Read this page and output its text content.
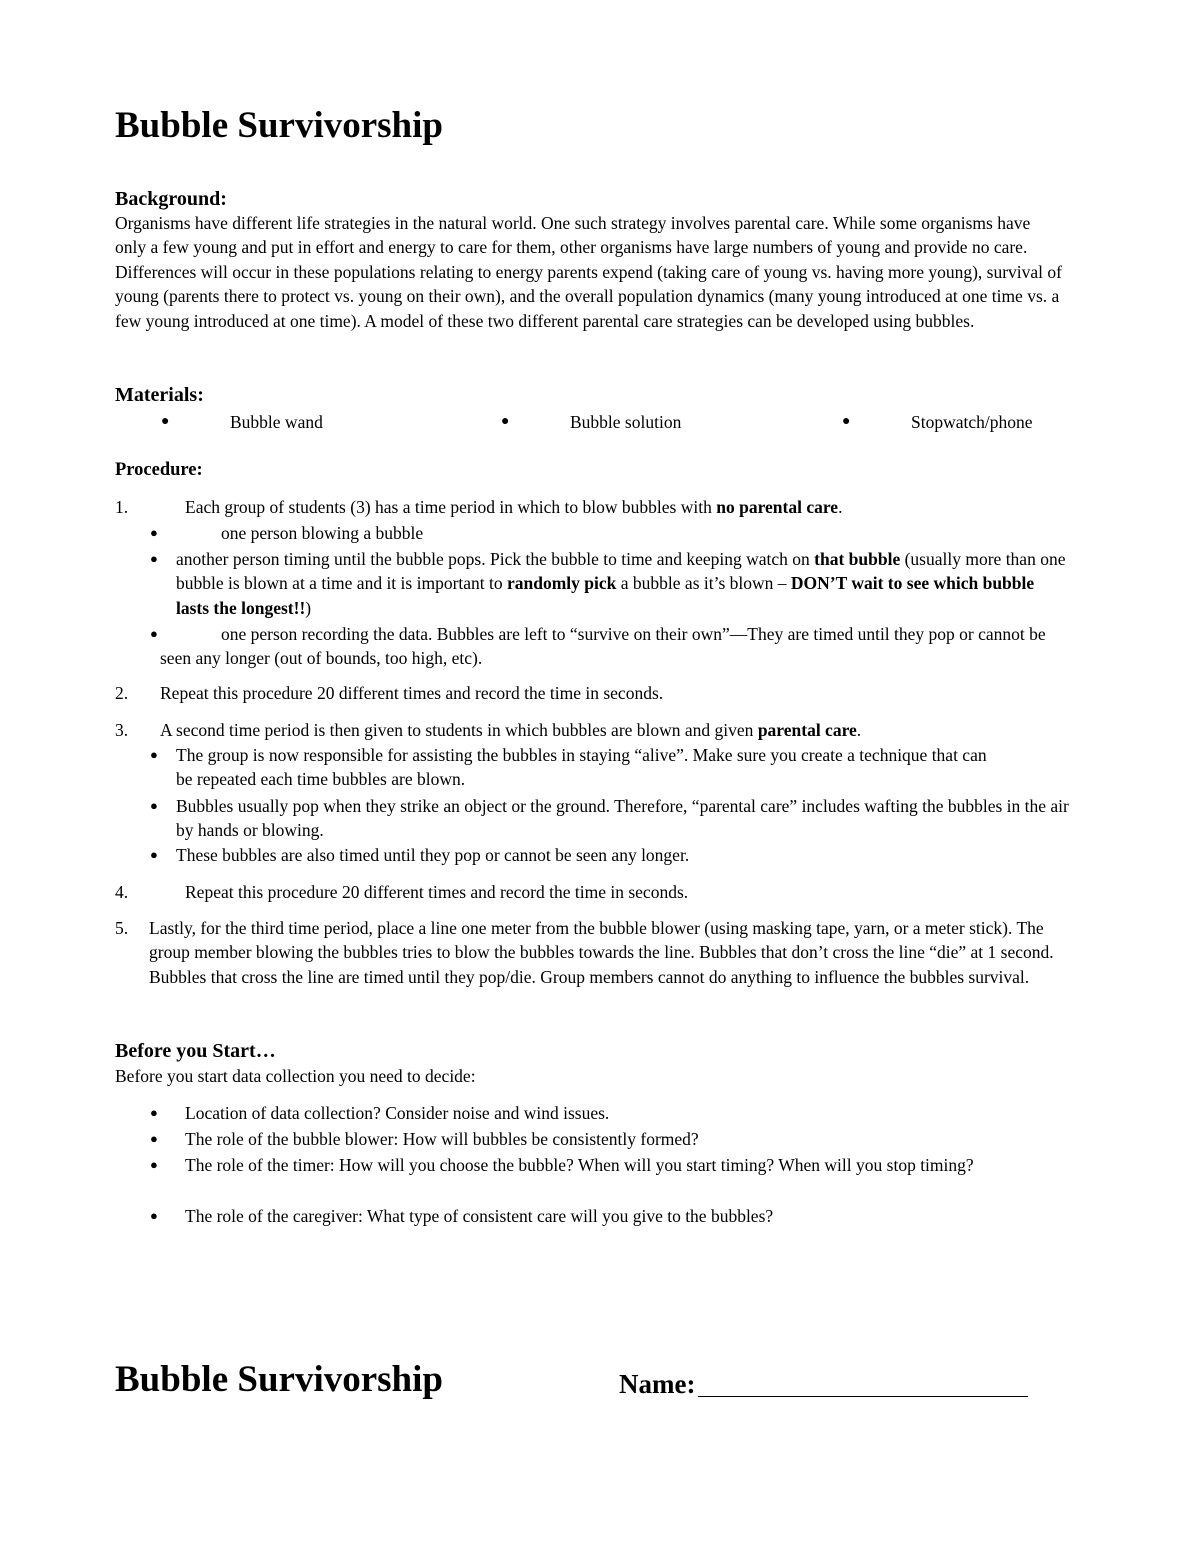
Bubble Survivorship
Background:

Organisms have different life strategies in the natural world. One such strategy involves parental care. While some organisms have only a few young and put in effort and energy to care for them, other organisms have large numbers of young and provide no care. Differences will occur in these populations relating to energy parents expend (taking care of young vs. having more young), survival of young (parents there to protect vs. young on their own), and the overall population dynamics (many young introduced at one time vs. a few young introduced at one time). A model of these two different parental care strategies can be developed using bubbles.

Materials:
●	Bubble wand	●	Bubble solution	●	Stopwatch/phone
Procedure:
1.	Each group of students (3) has a time period in which to blow bubbles with no parental care.

●	one person blowing a bubble

● another person timing until the bubble pops. Pick the bubble to time and keeping watch on that bubble (usually more than one bubble is blown at a time and it is important to randomly pick a bubble as it’s blown – DON’T wait to see which bubble lasts the longest!!)

●	one person recording the data. Bubbles are left to “survive on their own”—They are timed until they pop or cannot be seen any longer (out of bounds, too high, etc).

2. Repeat this procedure 20 different times and record the time in seconds.

3. A second time period is then given to students in which bubbles are blown and given parental care.

● The group is now responsible for assisting the bubbles in staying “alive”. Make sure you create a technique that can be repeated each time bubbles are blown.

● Bubbles usually pop when they strike an object or the ground. Therefore, “parental care” includes wafting the bubbles in the air by hands or blowing.

● These bubbles are also timed until they pop or cannot be seen any longer.

4.	Repeat this procedure 20 different times and record the time in seconds.

5. Lastly, for the third time period, place a line one meter from the bubble blower (using masking tape, yarn, or a meter stick). The group member blowing the bubbles tries to blow the bubbles towards the line. Bubbles that don’t cross the line “die” at 1 second. Bubbles that cross the line are timed until they pop/die. Group members cannot do anything to influence the bubbles survival.

Before you Start…

Before you start data collection you need to decide:

● Location of data collection? Consider noise and wind issues.

● The role of the bubble blower: How will bubbles be consistently formed?

● The role of the timer: How will you choose the bubble? When will you start timing? When will you stop timing?

● The role of the caregiver: What type of consistent care will you give to the bubbles?

Bubble Survivorship	Name:
